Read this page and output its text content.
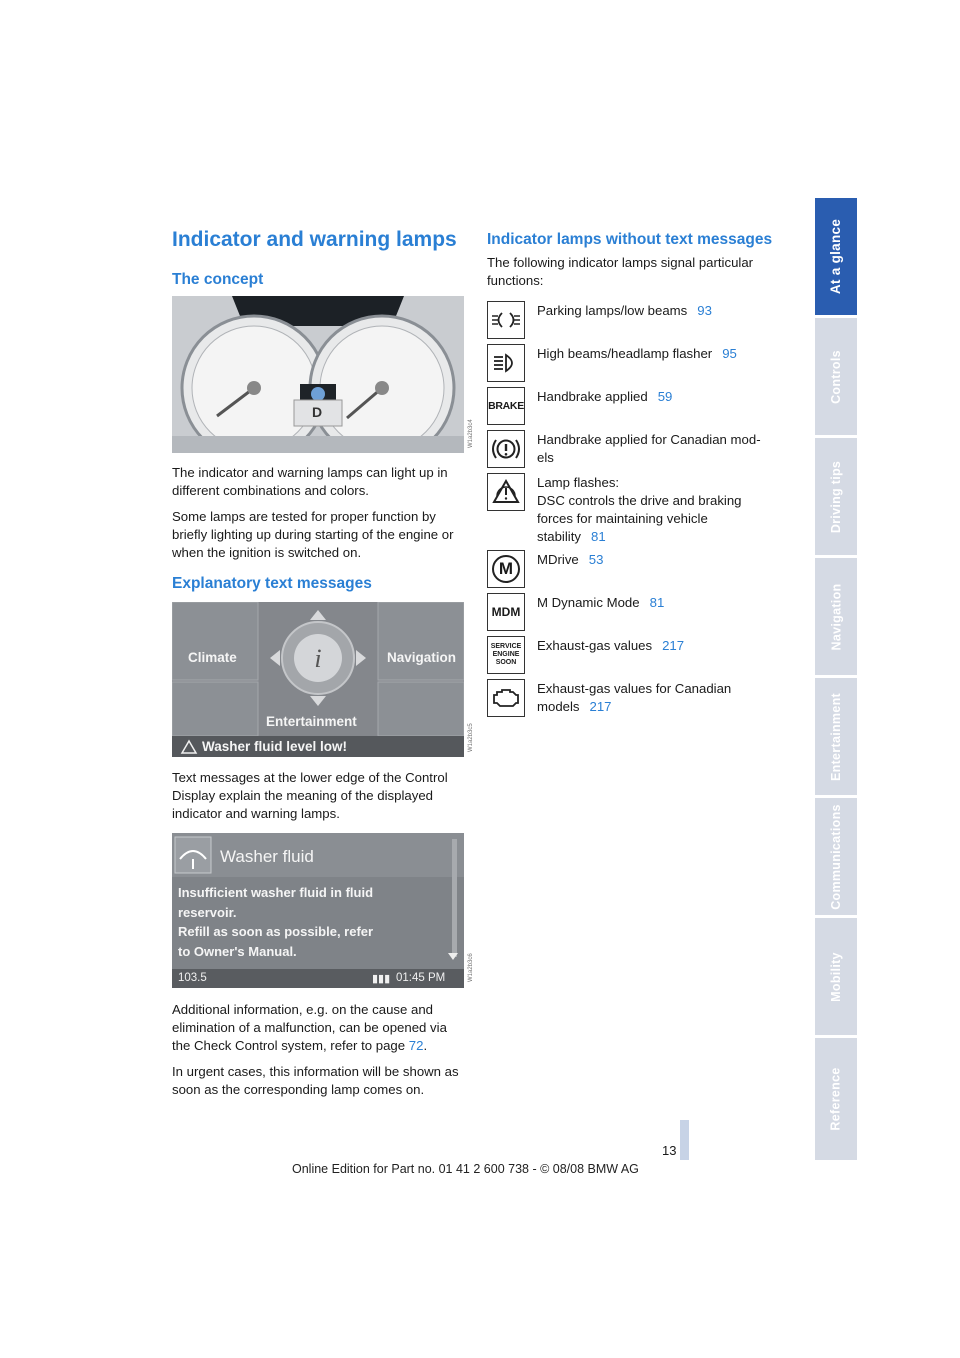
At a glance
Controls
Driving tips
Navigation
Entertainment
Communications
Mobility
Reference
Indicator and warning lamps
The concept
D
W1a2b3c4

The indicator and warning lamps can light up in different combinations and colors.

Some lamps are tested for proper function by briefly lighting up during starting of the engine or when the ignition is switched on.

Explanatory text messages
i
Climate	Navigation
Entertainment
Washer fluid level low!	W1a2b3c5
Text messages at the lower edge of the Control Display explain the meaning of the displayed indicator and warning lamps.
Washer fluid
Insufficient washer fluid in fluid
reservoir.
Refill as soon as possible, refer
to Owner's Manual.
103.5	01:45 PM
▮▮▮	W1a2b3c6

Additional information, e.g. on the cause and elimination of a malfunction, can be opened via the Check Control system, refer to page 72.

In urgent cases, this information will be shown as soon as the corresponding lamp comes on.

Indicator lamps without text messages
The following indicator lamps signal particular functions:
Parking lamps/low beams 93
High beams/headlamp flasher 95
BRAKE
Handbrake applied 59
Handbrake applied for Canadian mod-els
Lamp flashes:
DSC controls the drive and braking forces for maintaining vehicle stability 81
M	MDrive 53
MDM
M Dynamic Mode 81
SERVICE
ENGINE
SOON
Exhaust-gas values 217
Exhaust-gas values for Canadian models 217
13
Online Edition for Part no. 01 41 2 600 738 - © 08/08 BMW AG
